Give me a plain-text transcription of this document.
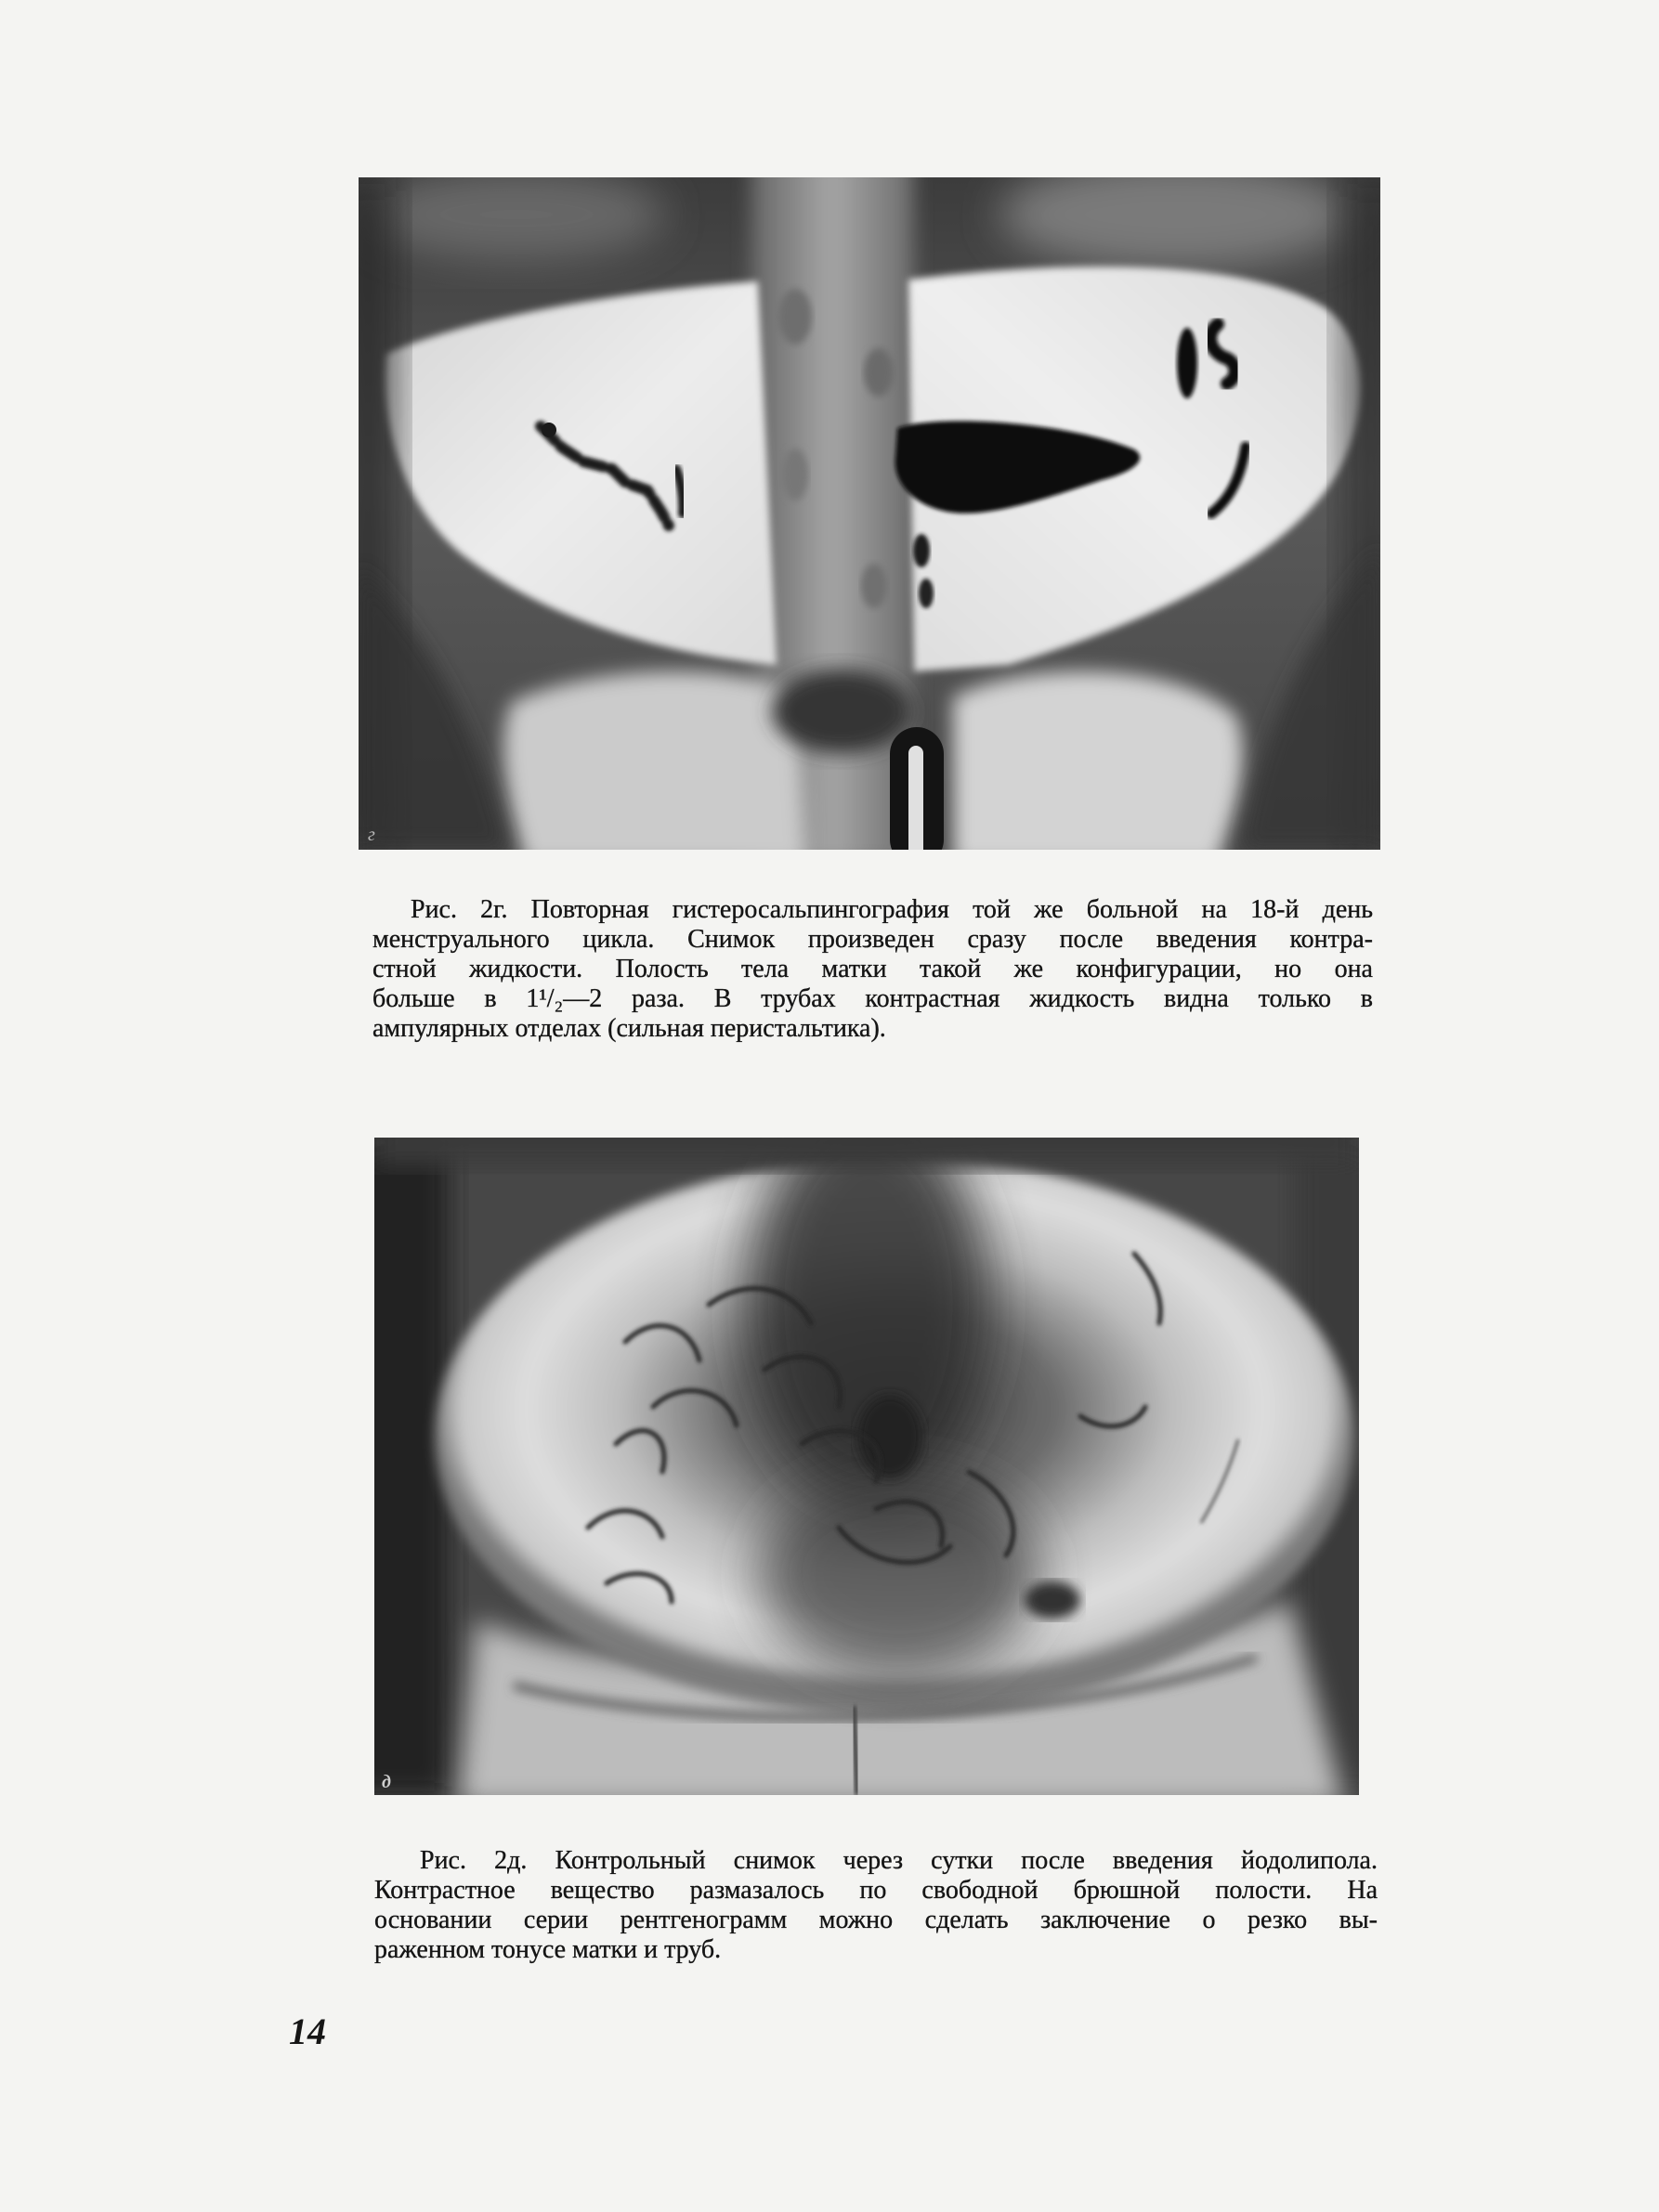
г
Рис. 2г. Повторная гистеросальпингография той же больной на 18-й день
менструального цикла. Снимок произведен сразу после введения контра-
стной жидкости. Полость тела матки такой же конфигурации, но она
больше в 1¹/₂—2 раза. В трубах контрастная жидкость видна только в
ампулярных отделах (сильная перистальтика).
д
Рис. 2д. Контрольный снимок через сутки после введения йодолипола.
Контрастное вещество размазалось по свободной брюшной полости. На
основании серии рентгенограмм можно сделать заключение о резко вы-
раженном тонусе матки и труб.
14
